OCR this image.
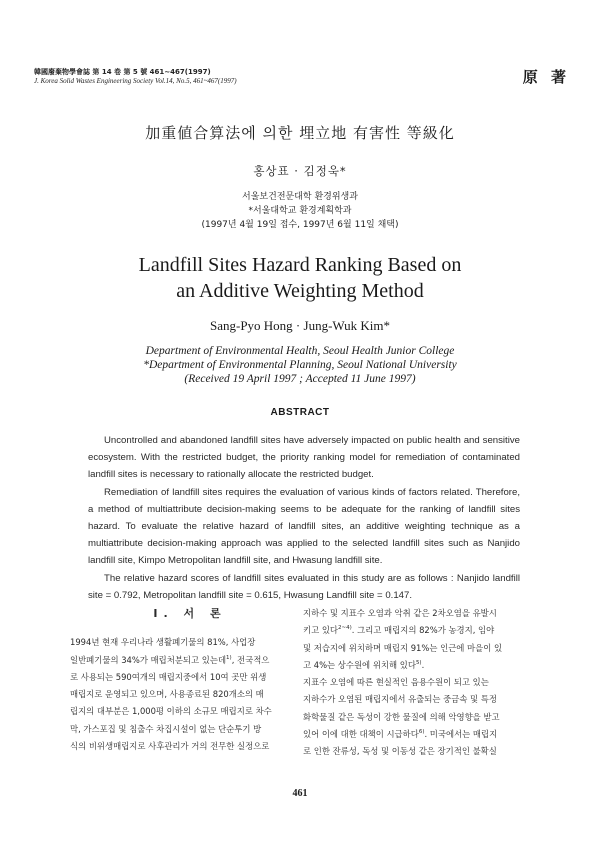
韓國廢棄物學會誌 第 14 卷 第 5 號 461~467(1997)
J. Korea Solid Wastes Engineering Society Vol.14, No.5, 461~467(1997)	原 著
加重値合算法에 의한 埋立地 有害性 等級化
홍상표 · 김정욱*
서울보건전문대학 환경위생과
*서울대학교 환경계획학과
(1997년 4월 19일 접수, 1997년 6월 11일 채택)
Landfill Sites Hazard Ranking Based on
an Additive Weighting Method
Sang-Pyo Hong · Jung-Wuk Kim*
Department of Environmental Health, Seoul Health Junior College
*Department of Environmental Planning, Seoul National University
(Received 19 April 1997 ; Accepted 11 June 1997)
ABSTRACT

Uncontrolled and abandoned landfill sites have adversely impacted on public health and sensitive ecosystem. With the restricted budget, the priority ranking model for remediation of contaminated landfill sites is necessary to rationally allocate the restricted budget.

Remediation of landfill sites requires the evaluation of various kinds of factors related. Therefore, a method of multiattribute decision-making seems to be adequate for the ranking of landfill sites hazard. To evaluate the relative hazard of landfill sites, an additive weighting technique as a multiattribute decision-making approach was applied to the selected landfill sites such as Nanjido landfill site, Kimpo Metropolitan landfill site, and Hwasung landfill site.

The relative hazard scores of landfill sites evaluated in this study are as follows : Nanjido landfill site = 0.792, Metropolitan landfill site = 0.615, Hwasung Landfill site = 0.147.

Ⅰ. 서 론
1994년 현재 우리나라 생활폐기물의 81%, 사업장
일반폐기물의 34%가 매립처분되고 있는데$^{1)}$, 전국적으
로 사용되는 590여개의 매립지중에서 10여 곳만 위생
매립지로 운영되고 있으며, 사용종료된 820개소의 매
립지의 대부분은 1,000평 이하의 소규모 매립지로 차수
막, 가스포집 및 침출수 차집시설이 없는 단순투기 방
식의 비위생매립지로 사후관리가 거의 전무한 실정으로
지하수 및 지표수 오염과 악취 같은 2차오염을 유발시
키고 있다$^{2\sim 4)}$. 그리고 매립지의 82%가 농경지, 임야
및 저습지에 위치하며 매립지 91%는 인근에 마을이 있
고 4%는 상수원에 위치해 있다$^{5)}$.
지표수 오염에 따른 현실적인 음용수원이 되고 있는
지하수가 오염된 매립지에서 유출되는 중금속 및 특정
화학물질 같은 독성이 강한 물질에 의해 악영향을 받고
있어 이에 대한 대책이 시급하다$^{6)}$. 미국에서는 매립지
로 인한 잔류성, 독성 및 이동성 같은 장기적인 불확실
461
